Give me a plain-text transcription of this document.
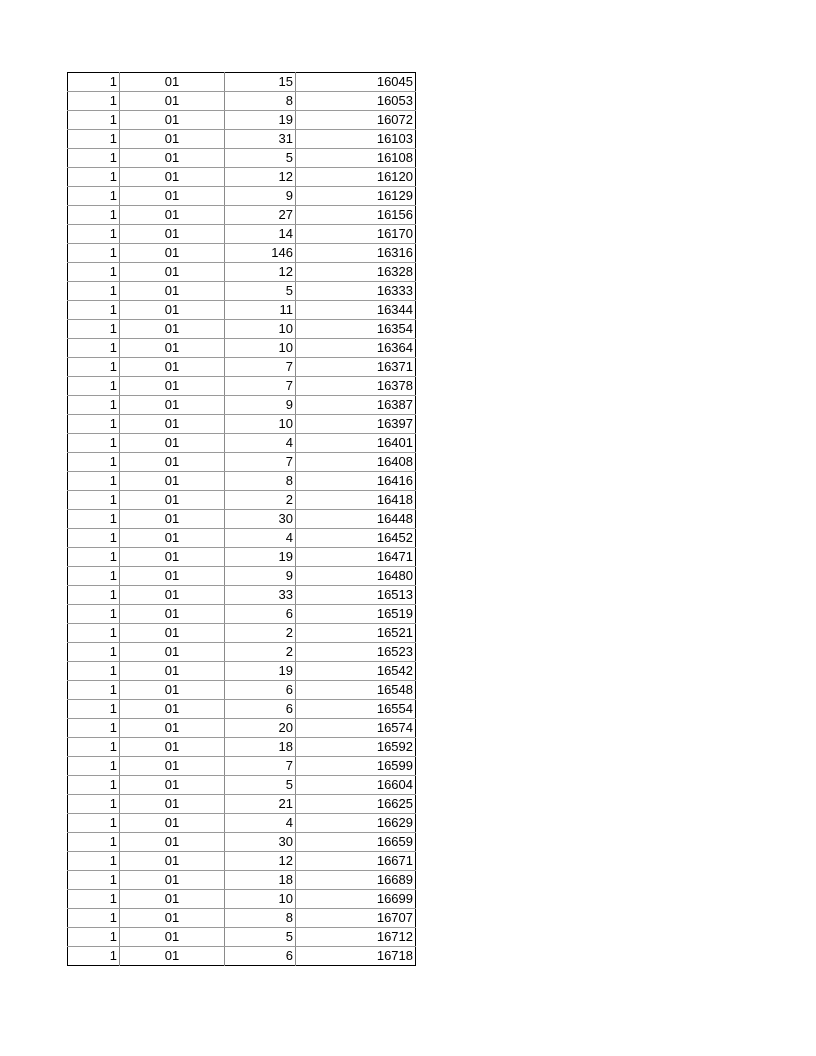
1	01	15	16045
1	01	8	16053
1	01	19	16072
1	01	31	16103
1	01	5	16108
1	01	12	16120
1	01	9	16129
1	01	27	16156
1	01	14	16170
1	01	146	16316
1	01	12	16328
1	01	5	16333
1	01	11	16344
1	01	10	16354
1	01	10	16364
1	01	7	16371
1	01	7	16378
1	01	9	16387
1	01	10	16397
1	01	4	16401
1	01	7	16408
1	01	8	16416
1	01	2	16418
1	01	30	16448
1	01	4	16452
1	01	19	16471
1	01	9	16480
1	01	33	16513
1	01	6	16519
1	01	2	16521
1	01	2	16523
1	01	19	16542
1	01	6	16548
1	01	6	16554
1	01	20	16574
1	01	18	16592
1	01	7	16599
1	01	5	16604
1	01	21	16625
1	01	4	16629
1	01	30	16659
1	01	12	16671
1	01	18	16689
1	01	10	16699
1	01	8	16707
1	01	5	16712
1	01	6	16718
